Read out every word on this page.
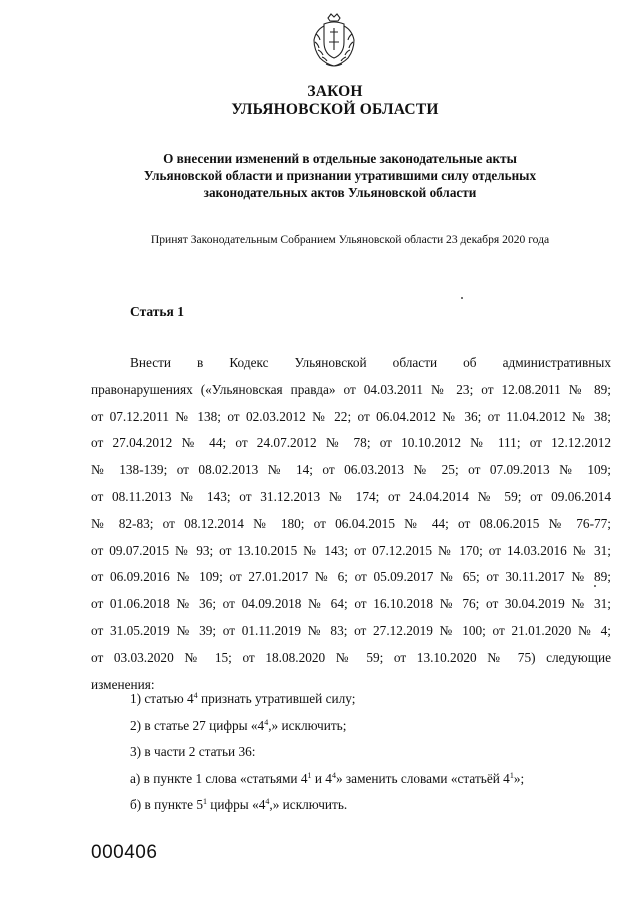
ЗАКОН
УЛЬЯНОВСКОЙ ОБЛАСТИ
О внесении изменений в отдельные законодательные акты
Ульяновской области и признании утратившими силу отдельных
законодательных актов Ульяновской области
Принят Законодательным Собранием Ульяновской области 23 декабря 2020 года
Статья 1
Внести в Кодекс Ульяновской области об административных
правонарушениях («Ульяновская правда» от 04.03.2011 № 23; от 12.08.2011 № 89;
от 07.12.2011 № 138; от 02.03.2012 № 22; от 06.04.2012 № 36; от 11.04.2012 № 38;
от 27.04.2012 № 44; от 24.07.2012 № 78; от 10.10.2012 № 111; от 12.12.2012
№ 138-139; от 08.02.2013 № 14; от 06.03.2013 № 25; от 07.09.2013 № 109;
от 08.11.2013 № 143; от 31.12.2013 № 174; от 24.04.2014 № 59; от 09.06.2014
№ 82-83; от 08.12.2014 № 180; от 06.04.2015 № 44; от 08.06.2015 № 76-77;
от 09.07.2015 № 93; от 13.10.2015 № 143; от 07.12.2015 № 170; от 14.03.2016 № 31;
от 06.09.2016 № 109; от 27.01.2017 № 6; от 05.09.2017 № 65; от 30.11.2017 № 89;
от 01.06.2018 № 36; от 04.09.2018 № 64; от 16.10.2018 № 76; от 30.04.2019 № 31;
от 31.05.2019 № 39; от 01.11.2019 № 83; от 27.12.2019 № 100; от 21.01.2020 № 4;
от 03.03.2020 № 15; от 18.08.2020 № 59; от 13.10.2020 № 75) следующие
изменения:
1) статью $4^4$ признать утратившей силу;
2) в статье 27 цифры «$4^4$,» исключить;
3) в части 2 статьи 36:
а) в пункте 1 слова «статьями $4^1$ и $4^4$» заменить словами «статьёй $4^1$»;
б) в пункте $5^1$ цифры «$4^4$,» исключить.
000406
